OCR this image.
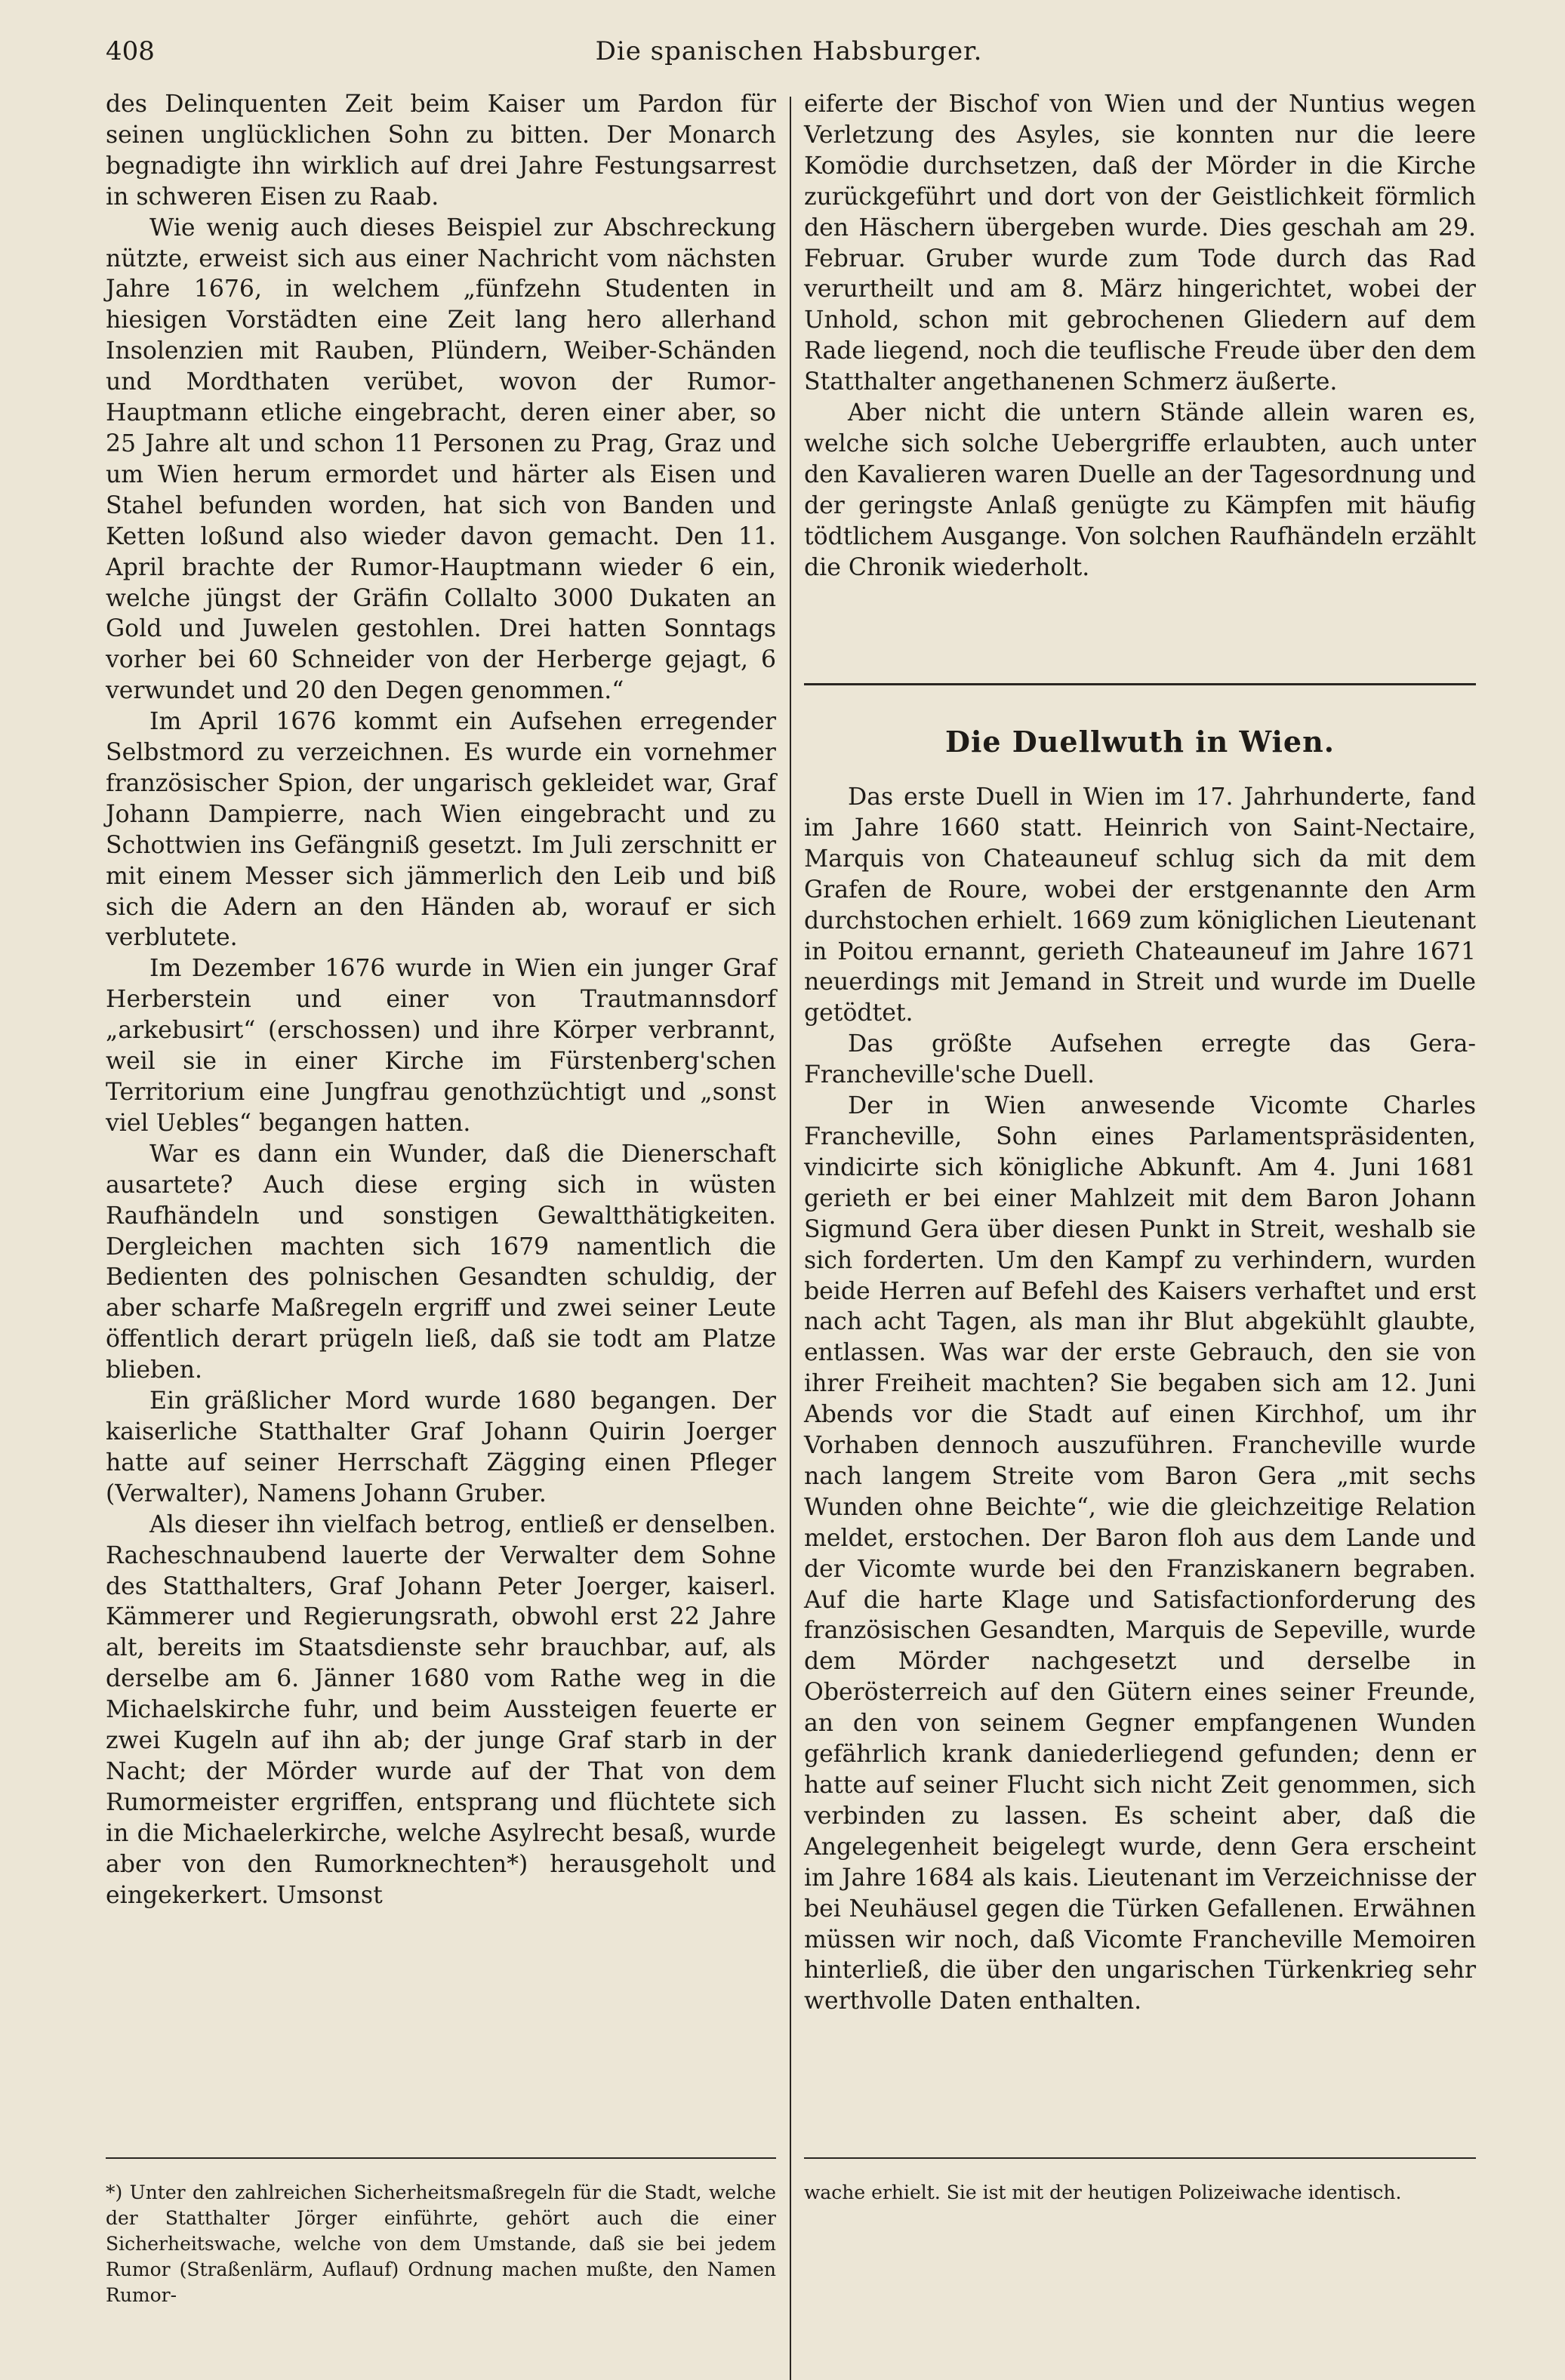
408	Die spanischen Habsburger.

des Delinquenten Zeit beim Kaiser um Pardon für seinen unglücklichen Sohn zu bitten. Der Monarch begnadigte ihn wirklich auf drei Jahre Festungsarrest in schweren Eisen zu Raab.

Wie wenig auch dieses Beispiel zur Abschreckung nützte, erweist sich aus einer Nachricht vom nächsten Jahre 1676, in welchem „fünfzehn Studenten in hiesigen Vorstädten eine Zeit lang hero allerhand Insolenzien mit Rauben, Plündern, Weiber-Schänden und Mordthaten verübet, wovon der Rumor-Hauptmann etliche eingebracht, deren einer aber, so 25 Jahre alt und schon 11 Personen zu Prag, Graz und um Wien herum ermordet und härter als Eisen und Stahel befunden worden, hat sich von Banden und Ketten loßund also wieder davon gemacht. Den 11. April brachte der Rumor-Hauptmann wieder 6 ein, welche jüngst der Gräfin Collalto 3000 Dukaten an Gold und Juwelen gestohlen. Drei hatten Sonntags vorher bei 60 Schneider von der Herberge gejagt, 6 verwundet und 20 den Degen genommen.“

Im April 1676 kommt ein Aufsehen erregender Selbstmord zu verzeichnen. Es wurde ein vornehmer französischer Spion, der ungarisch gekleidet war, Graf Johann Dampierre, nach Wien eingebracht und zu Schottwien ins Gefängniß gesetzt. Im Juli zerschnitt er mit einem Messer sich jämmerlich den Leib und biß sich die Adern an den Händen ab, worauf er sich verblutete.

Im Dezember 1676 wurde in Wien ein junger Graf Herberstein und einer von Trautmannsdorf „arkebusirt“ (erschossen) und ihre Körper verbrannt, weil sie in einer Kirche im Fürstenberg'schen Territorium eine Jungfrau genothzüchtigt und „sonst viel Uebles“ begangen hatten.

War es dann ein Wunder, daß die Dienerschaft ausartete? Auch diese erging sich in wüsten Raufhändeln und sonstigen Gewaltthätigkeiten. Dergleichen machten sich 1679 namentlich die Bedienten des polnischen Gesandten schuldig, der aber scharfe Maßregeln ergriff und zwei seiner Leute öffentlich derart prügeln ließ, daß sie todt am Platze blieben.

Ein gräßlicher Mord wurde 1680 begangen. Der kaiserliche Statthalter Graf Johann Quirin Joerger hatte auf seiner Herrschaft Zägging einen Pfleger (Verwalter), Namens Johann Gruber.

Als dieser ihn vielfach betrog, entließ er denselben. Racheschnaubend lauerte der Verwalter dem Sohne des Statthalters, Graf Johann Peter Joerger, kaiserl. Kämmerer und Regierungsrath, obwohl erst 22 Jahre alt, bereits im Staatsdienste sehr brauchbar, auf, als derselbe am 6. Jänner 1680 vom Rathe weg in die Michaelskirche fuhr, und beim Aussteigen feuerte er zwei Kugeln auf ihn ab; der junge Graf starb in der Nacht; der Mörder wurde auf der That von dem Rumormeister ergriffen, entsprang und flüchtete sich in die Michaelerkirche, welche Asylrecht besaß, wurde aber von den Rumorknechten*) herausgeholt und eingekerkert. Umsonst

eiferte der Bischof von Wien und der Nuntius wegen Verletzung des Asyles, sie konnten nur die leere Komödie durchsetzen, daß der Mörder in die Kirche zurückgeführt und dort von der Geistlichkeit förmlich den Häschern übergeben wurde. Dies geschah am 29. Februar. Gruber wurde zum Tode durch das Rad verurtheilt und am 8. März hingerichtet, wobei der Unhold, schon mit gebrochenen Gliedern auf dem Rade liegend, noch die teuflische Freude über den dem Statthalter angethanenen Schmerz äußerte.

Aber nicht die untern Stände allein waren es, welche sich solche Uebergriffe erlaubten, auch unter den Kavalieren waren Duelle an der Tagesordnung und der geringste Anlaß genügte zu Kämpfen mit häufig tödtlichem Ausgange. Von solchen Raufhändeln erzählt die Chronik wiederholt.

Die Duellwuth in Wien.

Das erste Duell in Wien im 17. Jahrhunderte, fand im Jahre 1660 statt. Heinrich von Saint-Nectaire, Marquis von Chateauneuf schlug sich da mit dem Grafen de Roure, wobei der erstgenannte den Arm durchstochen erhielt. 1669 zum königlichen Lieutenant in Poitou ernannt, gerieth Chateauneuf im Jahre 1671 neuerdings mit Jemand in Streit und wurde im Duelle getödtet.

Das größte Aufsehen erregte das Gera-Francheville'sche Duell.

Der in Wien anwesende Vicomte Charles Francheville, Sohn eines Parlamentspräsidenten, vindicirte sich königliche Abkunft. Am 4. Juni 1681 gerieth er bei einer Mahlzeit mit dem Baron Johann Sigmund Gera über diesen Punkt in Streit, weshalb sie sich forderten. Um den Kampf zu verhindern, wurden beide Herren auf Befehl des Kaisers verhaftet und erst nach acht Tagen, als man ihr Blut abgekühlt glaubte, entlassen. Was war der erste Gebrauch, den sie von ihrer Freiheit machten? Sie begaben sich am 12. Juni Abends vor die Stadt auf einen Kirchhof, um ihr Vorhaben dennoch auszuführen. Francheville wurde nach langem Streite vom Baron Gera „mit sechs Wunden ohne Beichte“, wie die gleichzeitige Relation meldet, erstochen. Der Baron floh aus dem Lande und der Vicomte wurde bei den Franziskanern begraben. Auf die harte Klage und Satisfactionforderung des französischen Gesandten, Marquis de Sepeville, wurde dem Mörder nachgesetzt und derselbe in Oberösterreich auf den Gütern eines seiner Freunde, an den von seinem Gegner empfangenen Wunden gefährlich krank daniederliegend gefunden; denn er hatte auf seiner Flucht sich nicht Zeit genommen, sich verbinden zu lassen. Es scheint aber, daß die Angelegenheit beigelegt wurde, denn Gera erscheint im Jahre 1684 als kais. Lieutenant im Verzeichnisse der bei Neuhäusel gegen die Türken Gefallenen. Erwähnen müssen wir noch, daß Vicomte Francheville Memoiren hinterließ, die über den ungarischen Türkenkrieg sehr werthvolle Daten enthalten.

*) Unter den zahlreichen Sicherheitsmaßregeln für die Stadt, welche der Statthalter Jörger einführte, gehört auch die einer Sicherheitswache, welche von dem Umstande, daß sie bei jedem Rumor (Straßenlärm, Auflauf) Ordnung machen mußte, den Namen Rumor-
wache erhielt. Sie ist mit der heutigen Polizeiwache identisch.
